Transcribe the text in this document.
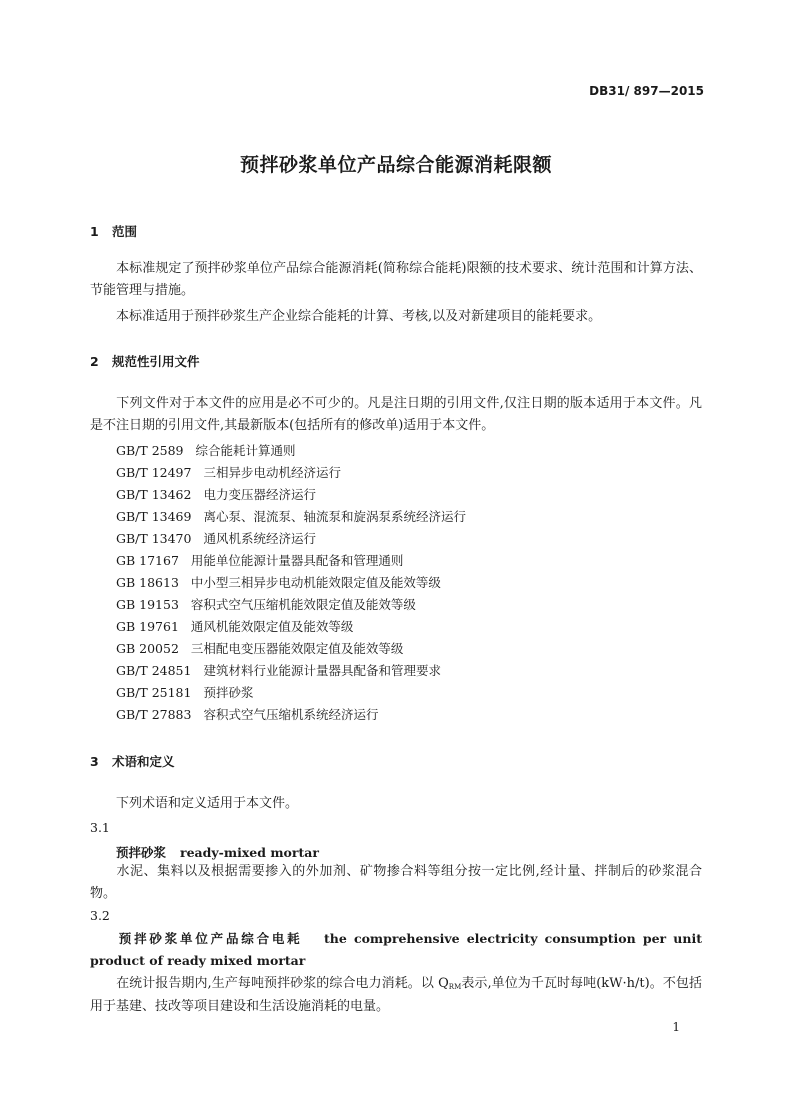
DB31/ 897—2015
预拌砂浆单位产品综合能源消耗限额
1 范围
本标准规定了预拌砂浆单位产品综合能源消耗(简称综合能耗)限额的技术要求、统计范围和计算方法、节能管理与措施。
本标准适用于预拌砂浆生产企业综合能耗的计算、考核,以及对新建项目的能耗要求。
2 规范性引用文件
下列文件对于本文件的应用是必不可少的。凡是注日期的引用文件,仅注日期的版本适用于本文件。凡是不注日期的引用文件,其最新版本(包括所有的修改单)适用于本文件。
GB/T 2589 综合能耗计算通则
GB/T 12497 三相异步电动机经济运行
GB/T 13462 电力变压器经济运行
GB/T 13469 离心泵、混流泵、轴流泵和旋涡泵系统经济运行
GB/T 13470 通风机系统经济运行
GB 17167 用能单位能源计量器具配备和管理通则
GB 18613 中小型三相异步电动机能效限定值及能效等级
GB 19153 容积式空气压缩机能效限定值及能效等级
GB 19761 通风机能效限定值及能效等级
GB 20052 三相配电变压器能效限定值及能效等级
GB/T 24851 建筑材料行业能源计量器具配备和管理要求
GB/T 25181 预拌砂浆
GB/T 27883 容积式空气压缩机系统经济运行
3 术语和定义
下列术语和定义适用于本文件。
3.1
预拌砂浆 ready-mixed mortar
水泥、集料以及根据需要掺入的外加剂、矿物掺合料等组分按一定比例,经计量、拌制后的砂浆混合物。
3.2
预拌砂浆单位产品综合电耗 the comprehensive electricity consumption per unit product of ready mixed mortar
在统计报告期内,生产每吨预拌砂浆的综合电力消耗。以 $Q_{RM}$表示,单位为千瓦时每吨(kW·h/t)。不包括用于基建、技改等项目建设和生活设施消耗的电量。
1
